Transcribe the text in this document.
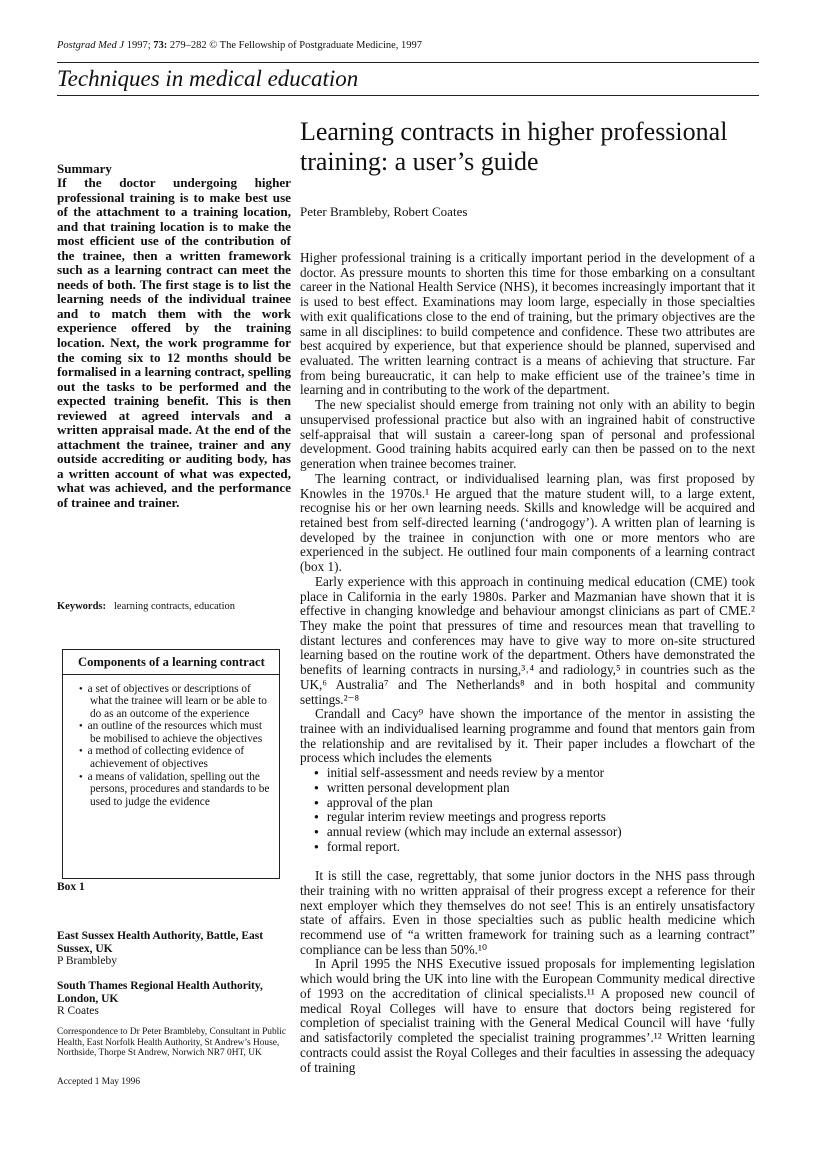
Postgrad Med J 1997; 73: 279–282 © The Fellowship of Postgraduate Medicine, 1997
Techniques in medical education
Learning contracts in higher professional training: a user’s guide
Peter Brambleby, Robert Coates
Summary
If the doctor undergoing higher professional training is to make best use of the attachment to a training location, and that training location is to make the most efficient use of the contribution of the trainee, then a written framework such as a learning contract can meet the needs of both. The first stage is to list the learning needs of the individual trainee and to match them with the work experience offered by the training location. Next, the work programme for the coming six to 12 months should be formalised in a learning contract, spelling out the tasks to be performed and the expected training benefit. This is then reviewed at agreed intervals and a written appraisal made. At the end of the attachment the trainee, trainer and any outside accrediting or auditing body, has a written account of what was expected, what was achieved, and the performance of trainee and trainer.
Keywords: learning contracts, education
Components of a learning contract
● a set of objectives or descriptions of what the trainee will learn or be able to do as an outcome of the experience
● an outline of the resources which must be mobilised to achieve the objectives
● a method of collecting evidence of achievement of objectives
● a means of validation, spelling out the persons, procedures and standards to be used to judge the evidence
Box 1
East Sussex Health Authority, Battle, East Sussex, UK
P Brambleby
South Thames Regional Health Authority, London, UK
R Coates
Correspondence to Dr Peter Brambleby, Consultant in Public Health, East Norfolk Health Authority, St Andrew’s House, Northside, Thorpe St Andrew, Norwich NR7 0HT, UK
Accepted 1 May 1996

Higher professional training is a critically important period in the development of a doctor. As pressure mounts to shorten this time for those embarking on a consultant career in the National Health Service (NHS), it becomes increasingly important that it is used to best effect. Examinations may loom large, especially in those specialties with exit qualifications close to the end of training, but the primary objectives are the same in all disciplines: to build competence and confidence. These two attributes are best acquired by experience, but that experience should be planned, supervised and evaluated. The written learning contract is a means of achieving that structure. Far from being bureaucratic, it can help to make efficient use of the trainee’s time in learning and in contributing to the work of the department.

The new specialist should emerge from training not only with an ability to begin unsupervised professional practice but also with an ingrained habit of constructive self-appraisal that will sustain a career-long span of personal and professional development. Good training habits acquired early can then be passed on to the next generation when trainee becomes trainer.

The learning contract, or individualised learning plan, was first proposed by Knowles in the 1970s.¹ He argued that the mature student will, to a large extent, recognise his or her own learning needs. Skills and knowledge will be acquired and retained best from self-directed learning (‘androgogy’). A written plan of learning is developed by the trainee in conjunction with one or more mentors who are experienced in the subject. He outlined four main components of a learning contract (box 1).

Early experience with this approach in continuing medical education (CME) took place in California in the early 1980s. Parker and Mazmanian have shown that it is effective in changing knowledge and behaviour amongst clinicians as part of CME.² They make the point that pressures of time and resources mean that travelling to distant lectures and conferences may have to give way to more on-site structured learning based on the routine work of the department. Others have demonstrated the benefits of learning contracts in nursing,³˒⁴ and radiology,⁵ in countries such as the UK,⁶ Australia⁷ and The Netherlands⁸ and in both hospital and community settings.²⁻⁸

Crandall and Cacy⁹ have shown the importance of the mentor in assisting the trainee with an individualised learning programme and found that mentors gain from the relationship and are revitalised by it. Their paper includes a flowchart of the process which includes the elements

● initial self-assessment and needs review by a mentor
● written personal development plan
● approval of the plan
● regular interim review meetings and progress reports
● annual review (which may include an external assessor)
● formal report.

It is still the case, regrettably, that some junior doctors in the NHS pass through their training with no written appraisal of their progress except a reference for their next employer which they themselves do not see! This is an entirely unsatisfactory state of affairs. Even in those specialties such as public health medicine which recommend use of “a written framework for training such as a learning contract” compliance can be less than 50%.¹⁰

In April 1995 the NHS Executive issued proposals for implementing legislation which would bring the UK into line with the European Community medical directive of 1993 on the accreditation of clinical specialists.¹¹ A proposed new council of medical Royal Colleges will have to ensure that doctors being registered for completion of specialist training with the General Medical Council will have ‘fully and satisfactorily completed the specialist training programmes’.¹² Written learning contracts could assist the Royal Colleges and their faculties in assessing the adequacy of training
